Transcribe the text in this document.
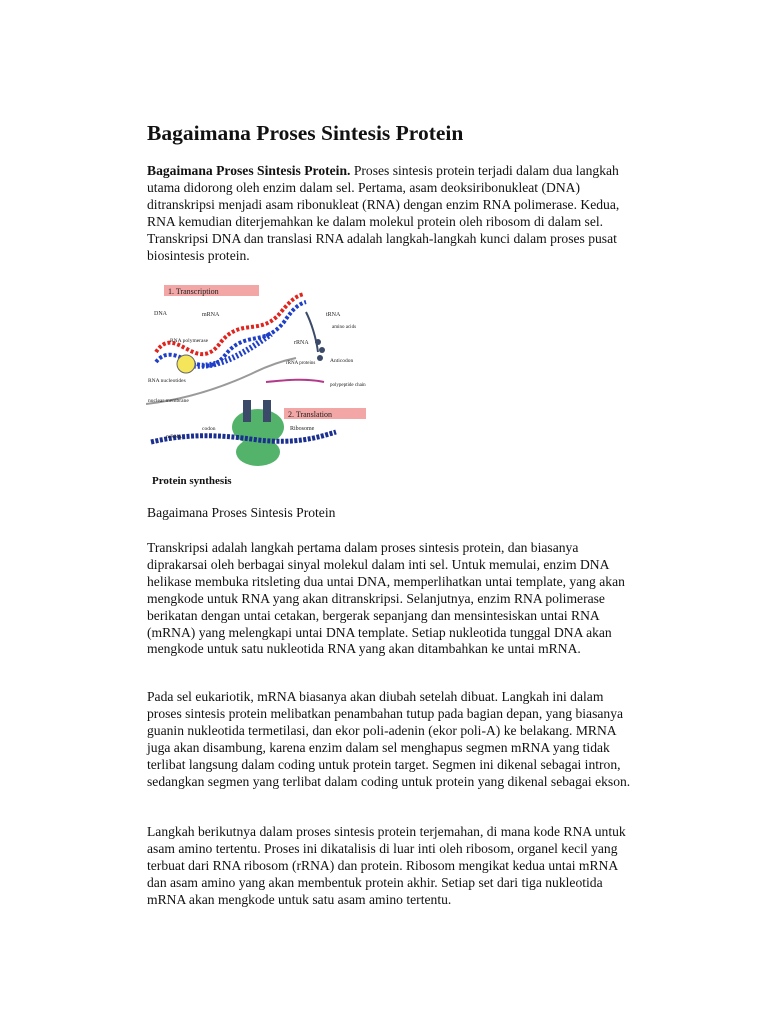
Bagaimana Proses Sintesis Protein

Bagaimana Proses Sintesis Protein. Proses sintesis protein terjadi dalam dua langkah utama didorong oleh enzim dalam sel. Pertama, asam deoksiribonukleat (DNA) ditranskripsi menjadi asam ribonukleat (RNA) dengan enzim RNA polimerase. Kedua, RNA kemudian diterjemahkan ke dalam molekul protein oleh ribosom di dalam sel. Transkripsi DNA dan translasi RNA adalah langkah-langkah kunci dalam proses pusat biosintesis protein.

1. Transcription
DNA	mRNA
RNA polymerase
RNA nucleotides
nuclear membrane
tRNA
amino acids
rRNA
rRNA proteins	Anticodon
polypeptide chain
2. Translation
Ribosome
codon
mRNA
Protein synthesis

Bagaimana Proses Sintesis Protein

Transkripsi adalah langkah pertama dalam proses sintesis protein, dan biasanya diprakarsai oleh berbagai sinyal molekul dalam inti sel. Untuk memulai, enzim DNA helikase membuka ritsleting dua untai DNA, memperlihatkan untai template, yang akan mengkode untuk RNA yang akan ditranskripsi. Selanjutnya, enzim RNA polimerase berikatan dengan untai cetakan, bergerak sepanjang dan mensintesiskan untai RNA (mRNA) yang melengkapi untai DNA template. Setiap nukleotida tunggal DNA akan mengkode untuk satu nukleotida RNA yang akan ditambahkan ke untai mRNA.

Pada sel eukariotik, mRNA biasanya akan diubah setelah dibuat. Langkah ini dalam proses sintesis protein melibatkan penambahan tutup pada bagian depan, yang biasanya guanin nukleotida termetilasi, dan ekor poli-adenin (ekor poli-A) ke belakang. MRNA juga akan disambung, karena enzim dalam sel menghapus segmen mRNA yang tidak terlibat langsung dalam coding untuk protein target. Segmen ini dikenal sebagai intron, sedangkan segmen yang terlibat dalam coding untuk protein yang dikenal sebagai ekson.

Langkah berikutnya dalam proses sintesis protein terjemahan, di mana kode RNA untuk asam amino tertentu. Proses ini dikatalisis di luar inti oleh ribosom, organel kecil yang terbuat dari RNA ribosom (rRNA) dan protein. Ribosom mengikat kedua untai mRNA dan asam amino yang akan membentuk protein akhir. Setiap set dari tiga nukleotida mRNA akan mengkode untuk satu asam amino tertentu.
